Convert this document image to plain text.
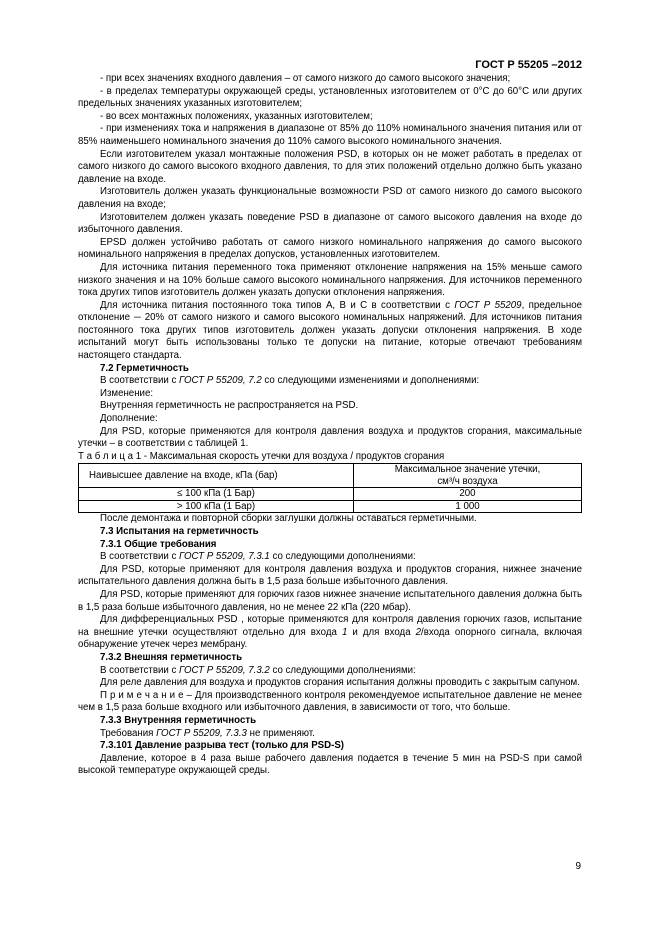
ГОСТ Р 55205 –2012

- при всех значениях входного давления – от самого низкого до самого высокого значения;

- в пределах температуры окружающей среды, установленных изготовителем от 0°С до 60°С или других предельных значениях указанных изготовителем;

- во всех монтажных положениях, указанных изготовителем;

- при изменениях тока и напряжения в диапазоне от 85% до 110% номинального значения питания или от 85% наименьшего номинального значения до 110% самого высокого номинального значения.

Если изготовителем указал монтажные положения PSD, в которых он не может работать в пределах от самого низкого до самого высокого входного давления, то для этих положений отдельно должно быть указано давление на входе.

Изготовитель должен указать функциональные возможности PSD от самого низкого до самого высокого давления на входе;

Изготовителем должен указать поведение PSD в диапазоне от самого высокого давления на входе до избыточного давления.

EPSD должен устойчиво работать от самого низкого номинального напряжения до самого высокого номинального напряжения в пределах допусков, установленных изготовителем.

Для источника питания переменного тока применяют отклонение напряжения на 15% меньше самого низкого значения и на 10% больше самого высокого номинального напряжения. Для источников переменного тока других типов изготовитель должен указать допуски отклонения напряжения.

Для источника питания постоянного тока типов А, В и С в соответствии с ГОСТ Р 55209, предельное отклонение ─ 20% от самого низкого и самого высокого номинальных напряжений. Для источников питания постоянного тока других типов изготовитель должен указать допуски отклонения напряжения. В ходе испытаний могут быть использованы только те допуски на питание, которые отвечают требованиям настоящего стандарта.

7.2 Герметичность

В соответствии с ГОСТ Р 55209, 7.2 со следующими изменениями и дополнениями:

Изменение:

Внутренняя герметичность не распространяется на PSD.

Дополнение:

Для PSD, которые применяются для контроля давления воздуха и продуктов сгорания, максимальные утечки – в соответствии с таблицей 1.

Т а б л и ц а 1 - Максимальная скорость утечки для воздуха / продуктов сгорания

Наивысшее давление на входе, кПа (бар)	Максимальное значение утечки,
см³/ч воздуха
≤ 100 кПа (1 Бар)	200
> 100 кПа (1 Бар)	1 000

После демонтажа и повторной сборки заглушки должны оставаться герметичными.

7.3 Испытания на герметичность

7.3.1 Общие требования

В соответствии с ГОСТ Р 55209, 7.3.1 со следующими дополнениями:

Для PSD, которые применяют для контроля давления воздуха и продуктов сгорания, нижнее значение испытательного давления должна быть в 1,5 раза больше избыточного давления.

Для PSD, которые применяют для горючих газов нижнее значение испытательного давления должна быть в 1,5 раза больше избыточного давления, но не менее 22 кПа (220 мбар).

Для дифференциальных PSD , которые применяются для контроля давления горючих газов, испытание на внешние утечки осуществляют отдельно для входа 1 и для входа 2/входа опорного сигнала, включая обнаружение утечек через мембрану.

7.3.2 Внешняя герметичность

В соответствии с ГОСТ Р 55209, 7.3.2 со следующими дополнениями:

Для реле давления для воздуха и продуктов сгорания испытания должны проводить с закрытым сапуном.

П р и м е ч а н и е – Для производственного контроля рекомендуемое испытательное давление не менее чем в 1,5 раза больше входного или избыточного давления, в зависимости от того, что больше.

7.3.3 Внутренняя герметичность

Требования ГОСТ Р 55209, 7.3.3 не применяют.

7.3.101 Давление разрыва тест (только для PSD-S)

Давление, которое в 4 раза выше рабочего давления подается в течение 5 мин на PSD-S при самой высокой температуре окружающей среды.

9
